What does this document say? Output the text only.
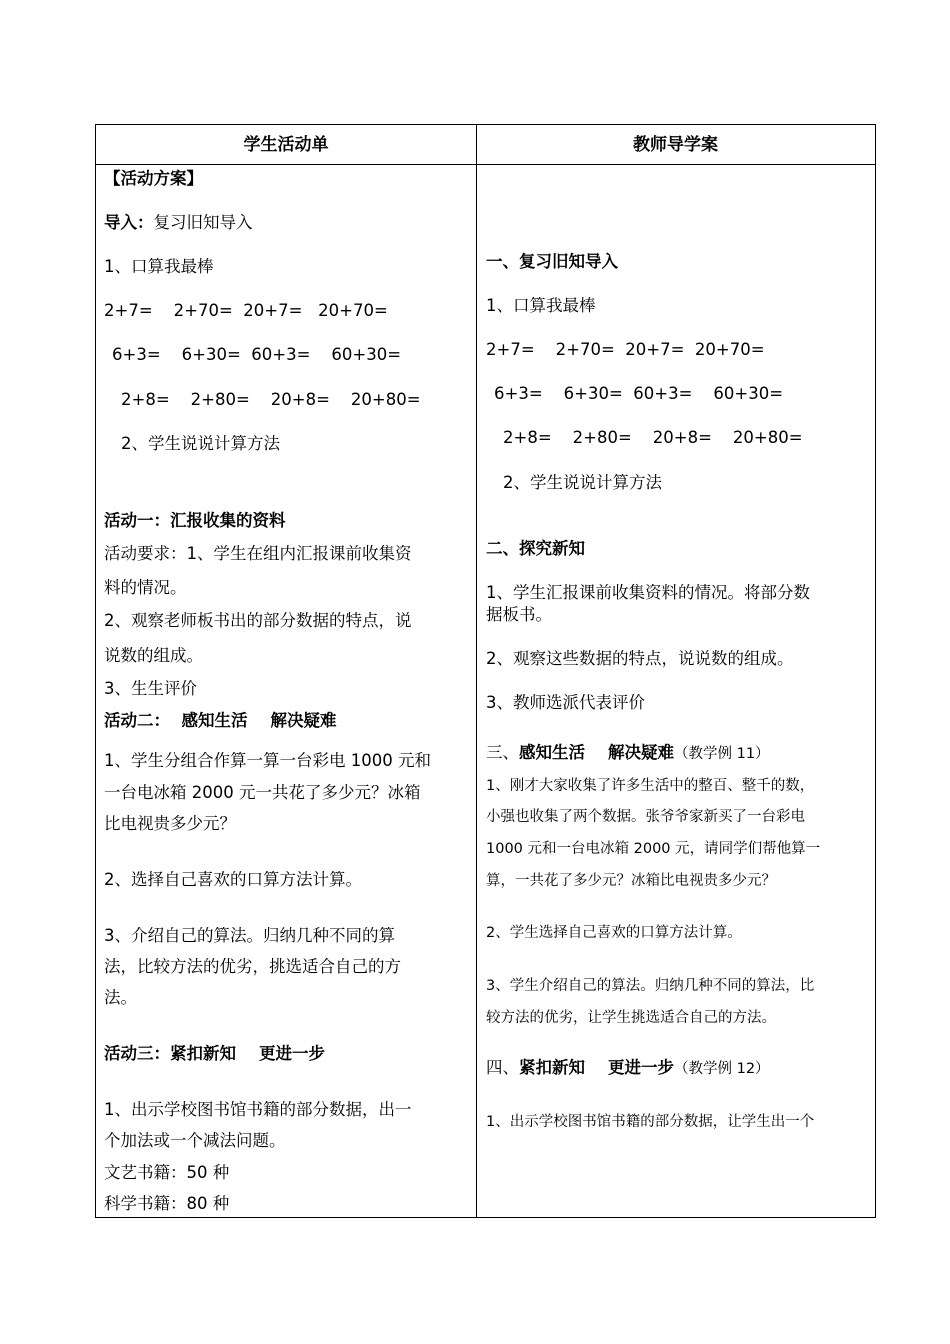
学生活动单	教师导学案
【活动方案】
导入：复习旧知导入
1、口算我最棒
2+7=    2+70=  20+7=   20+70=
6+3=    6+30=  60+3=    60+30=
2+8=    2+80=    20+8=    20+80=
2、学生说说计算方法
活动一：汇报收集的资料
活动要求：1、学生在组内汇报课前收集资
料的情况。
2、观察老师板书出的部分数据的特点，说
说数的组成。
3、生生评价
活动二：  感知生活    解决疑难
1、学生分组合作算一算一台彩电 1000 元和
一台电冰箱 2000 元一共花了多少元？冰箱
比电视贵多少元？
2、选择自己喜欢的口算方法计算。
3、介绍自己的算法。归纳几种不同的算
法，比较方法的优劣，挑选适合自己的方
法。
活动三：紧扣新知    更进一步
1、出示学校图书馆书籍的部分数据，出一
个加法或一个减法问题。
文艺书籍：50 种
科学书籍：80 种
一、复习旧知导入
1、口算我最棒
2+7=    2+70=  20+7=  20+70=
6+3=    6+30=  60+3=    60+30=
2+8=    2+80=    20+8=    20+80=
2、学生说说计算方法
二、探究新知
1、学生汇报课前收集资料的情况。将部分数
据板书。
2、观察这些数据的特点，说说数的组成。
3、教师选派代表评价
三、感知生活    解决疑难（教学例 11）
1、刚才大家收集了许多生活中的整百、整千的数，
小强也收集了两个数据。张爷爷家新买了一台彩电
1000 元和一台电冰箱 2000 元，请同学们帮他算一
算，一共花了多少元？冰箱比电视贵多少元？
2、学生选择自己喜欢的口算方法计算。
3、学生介绍自己的算法。归纳几种不同的算法，比
较方法的优劣，让学生挑选适合自己的方法。
四、紧扣新知    更进一步（教学例 12）
1、出示学校图书馆书籍的部分数据，让学生出一个
